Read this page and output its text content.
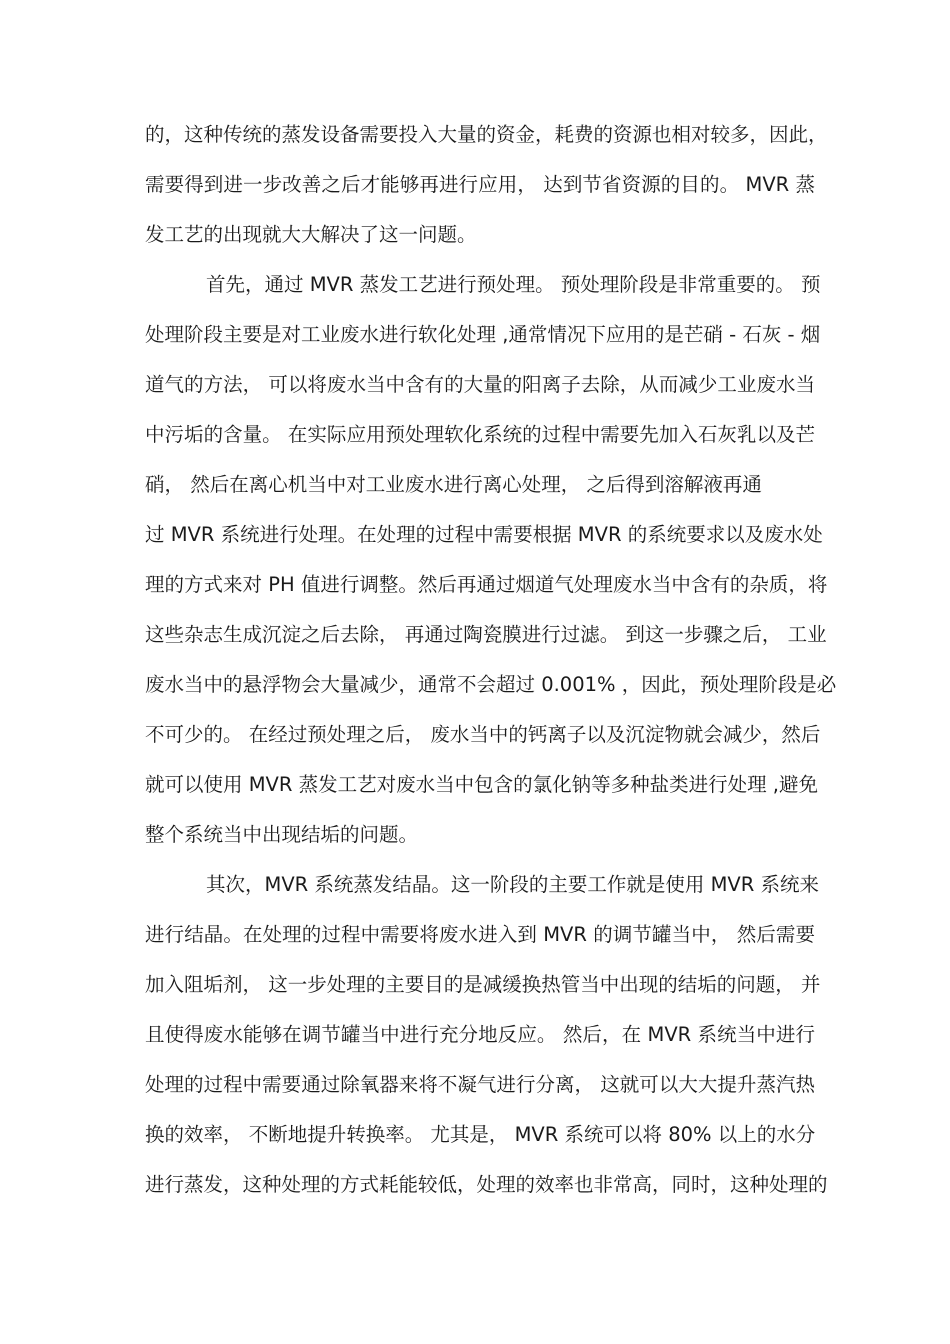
的，这种传统的蒸发设备需要投入大量的资金，耗费的资源也相对较多，因此，
需要得到进一步改善之后才能够再进行应用， 达到节省资源的目的。 MVR 蒸
发工艺的出现就大大解决了这一问题。
首先，通过 MVR 蒸发工艺进行预处理。 预处理阶段是非常重要的。 预
处理阶段主要是对工业废水进行软化处理 ,通常情况下应用的是芒硝 - 石灰 - 烟
道气的方法， 可以将废水当中含有的大量的阳离子去除，从而减少工业废水当
中污垢的含量。 在实际应用预处理软化系统的过程中需要先加入石灰乳以及芒
硝， 然后在离心机当中对工业废水进行离心处理， 之后得到溶解液再通
过 MVR 系统进行处理。在处理的过程中需要根据 MVR 的系统要求以及废水处
理的方式来对 PH 值进行调整。然后再通过烟道气处理废水当中含有的杂质，将
这些杂志生成沉淀之后去除， 再通过陶瓷膜进行过滤。 到这一步骤之后， 工业
废水当中的悬浮物会大量减少，通常不会超过 0.001% ，因此，预处理阶段是必
不可少的。 在经过预处理之后， 废水当中的钙离子以及沉淀物就会减少，然后
就可以使用 MVR 蒸发工艺对废水当中包含的氯化钠等多种盐类进行处理 ,避免
整个系统当中出现结垢的问题。
其次，MVR 系统蒸发结晶。这一阶段的主要工作就是使用 MVR 系统来
进行结晶。在处理的过程中需要将废水进入到 MVR 的调节罐当中， 然后需要
加入阻垢剂， 这一步处理的主要目的是减缓换热管当中出现的结垢的问题， 并
且使得废水能够在调节罐当中进行充分地反应。 然后，在 MVR 系统当中进行
处理的过程中需要通过除氧器来将不凝气进行分离， 这就可以大大提升蒸汽热
换的效率， 不断地提升转换率。 尤其是， MVR 系统可以将 80% 以上的水分
进行蒸发，这种处理的方式耗能较低，处理的效率也非常高，同时，这种处理的
